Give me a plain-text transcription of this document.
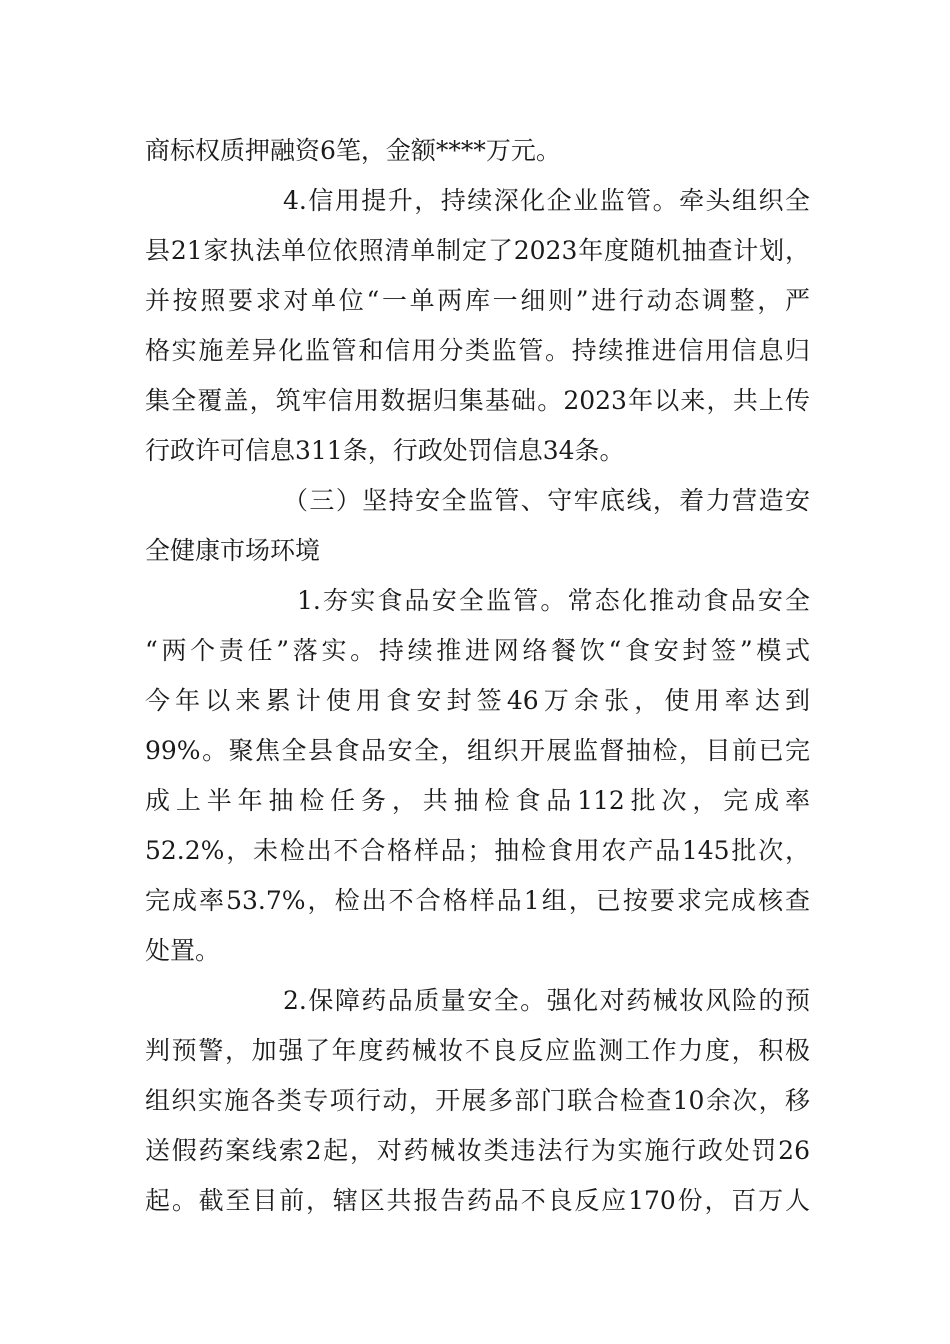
商标权质押融资6笔，金额****万元。
4.信用提升，持续深化企业监管。牵头组织全
县21家执法单位依照清单制定了2023年度随机抽查计划，
并按照要求对单位“一单两库一细则”进行动态调整，严
格实施差异化监管和信用分类监管。持续推进信用信息归
集全覆盖，筑牢信用数据归集基础。2023年以来，共上传
行政许可信息311条，行政处罚信息34条。
（三）坚持安全监管、守牢底线，着力营造安
全健康市场环境
1.夯实食品安全监管。常态化推动食品安全
“两个责任”落实。持续推进网络餐饮“食安封签”模式
今年以来累计使用食安封签46万余张，使用率达到
99%。聚焦全县食品安全，组织开展监督抽检，目前已完
成上半年抽检任务，共抽检食品112批次，完成率
52.2%，未检出不合格样品；抽检食用农产品145批次，
完成率53.7%，检出不合格样品1组，已按要求完成核查
处置。
2.保障药品质量安全。强化对药械妆风险的预
判预警，加强了年度药械妆不良反应监测工作力度，积极
组织实施各类专项行动，开展多部门联合检查10余次，移
送假药案线索2起，对药械妆类违法行为实施行政处罚26
起。截至目前，辖区共报告药品不良反应170份，百万人
